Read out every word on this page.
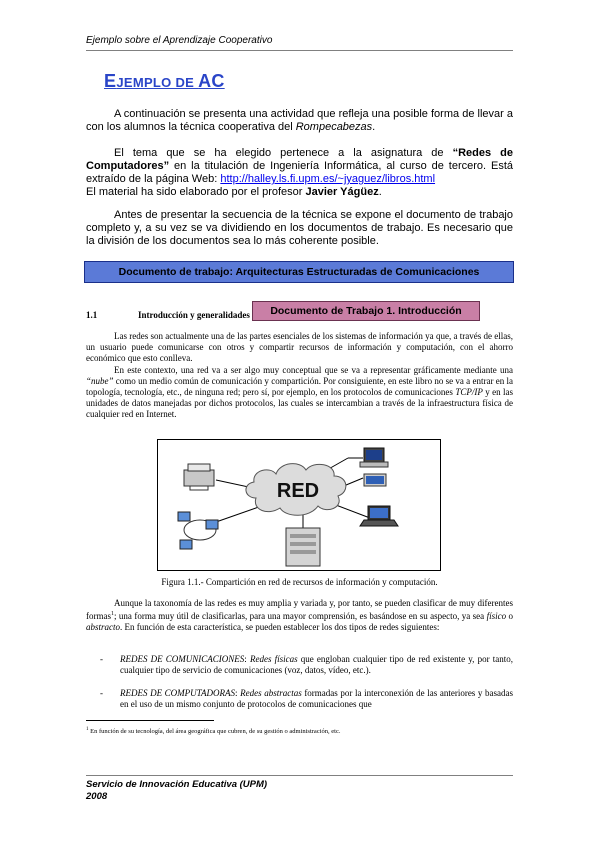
Ejemplo sobre el Aprendizaje Cooperativo
EJEMPLO DE AC
A continuación se presenta una actividad que refleja una posible forma de llevar a con los alumnos la técnica cooperativa del Rompecabezas.
El tema que se ha elegido pertenece a la asignatura de “Redes de Computadores” en la titulación de Ingeniería Informática, al curso de tercero. Está extraído de la página Web: http://halley.ls.fi.upm.es/~jyaguez/libros.html
El material ha sido elaborado por el profesor Javier Yágüez.
Antes de presentar la secuencia de la técnica se expone el documento de trabajo completo y, a su vez se va dividiendo en los documentos de trabajo. Es necesario que la división de los documentos sea lo más coherente posible.
Documento de trabajo: Arquitecturas Estructuradas de Comunicaciones
1.1	Introducción y generalidades	Documento de Trabajo 1. Introducción
Las redes son actualmente una de las partes esenciales de los sistemas de información ya que, a través de ellas, un usuario puede comunicarse con otros y compartir recursos de información y computación, con el ahorro económico que esto conlleva.
En este contexto, una red va a ser algo muy conceptual que se va a representar gráficamente mediante una “nube” como un medio común de comunicación y compartición. Por consiguiente, en este libro no se va a entrar en la topología, tecnología, etc., de ninguna red; pero sí, por ejemplo, en los protocolos de comunicaciones TCP/IP y en las unidades de datos manejadas por dichos protocolos, las cuales se intercambian a través de la infraestructura física de cualquier red en Internet.
RED
Figura 1.1.- Compartición en red de recursos de información y computación.
Aunque la taxonomía de las redes es muy amplia y variada y, por tanto, se pueden clasificar de muy diferentes formas$^1$; una forma muy útil de clasificarlas, para una mayor comprensión, es basándose en su aspecto, ya sea físico o abstracto. En función de esta característica, se pueden establecer los dos tipos de redes siguientes:
- REDES DE COMUNICACIONES: Redes físicas que engloban cualquier tipo de red existente y, por tanto, cualquier tipo de servicio de comunicaciones (voz, datos, vídeo, etc.).
- REDES DE COMPUTADORAS: Redes abstractas formadas por la interconexión de las anteriores y basadas en el uso de un mismo conjunto de protocolos de comunicaciones que
$^1$ En función de su tecnología, del área geográfica que cubren, de su gestión o administración, etc.
Servicio de Innovación Educativa (UPM)
2008
